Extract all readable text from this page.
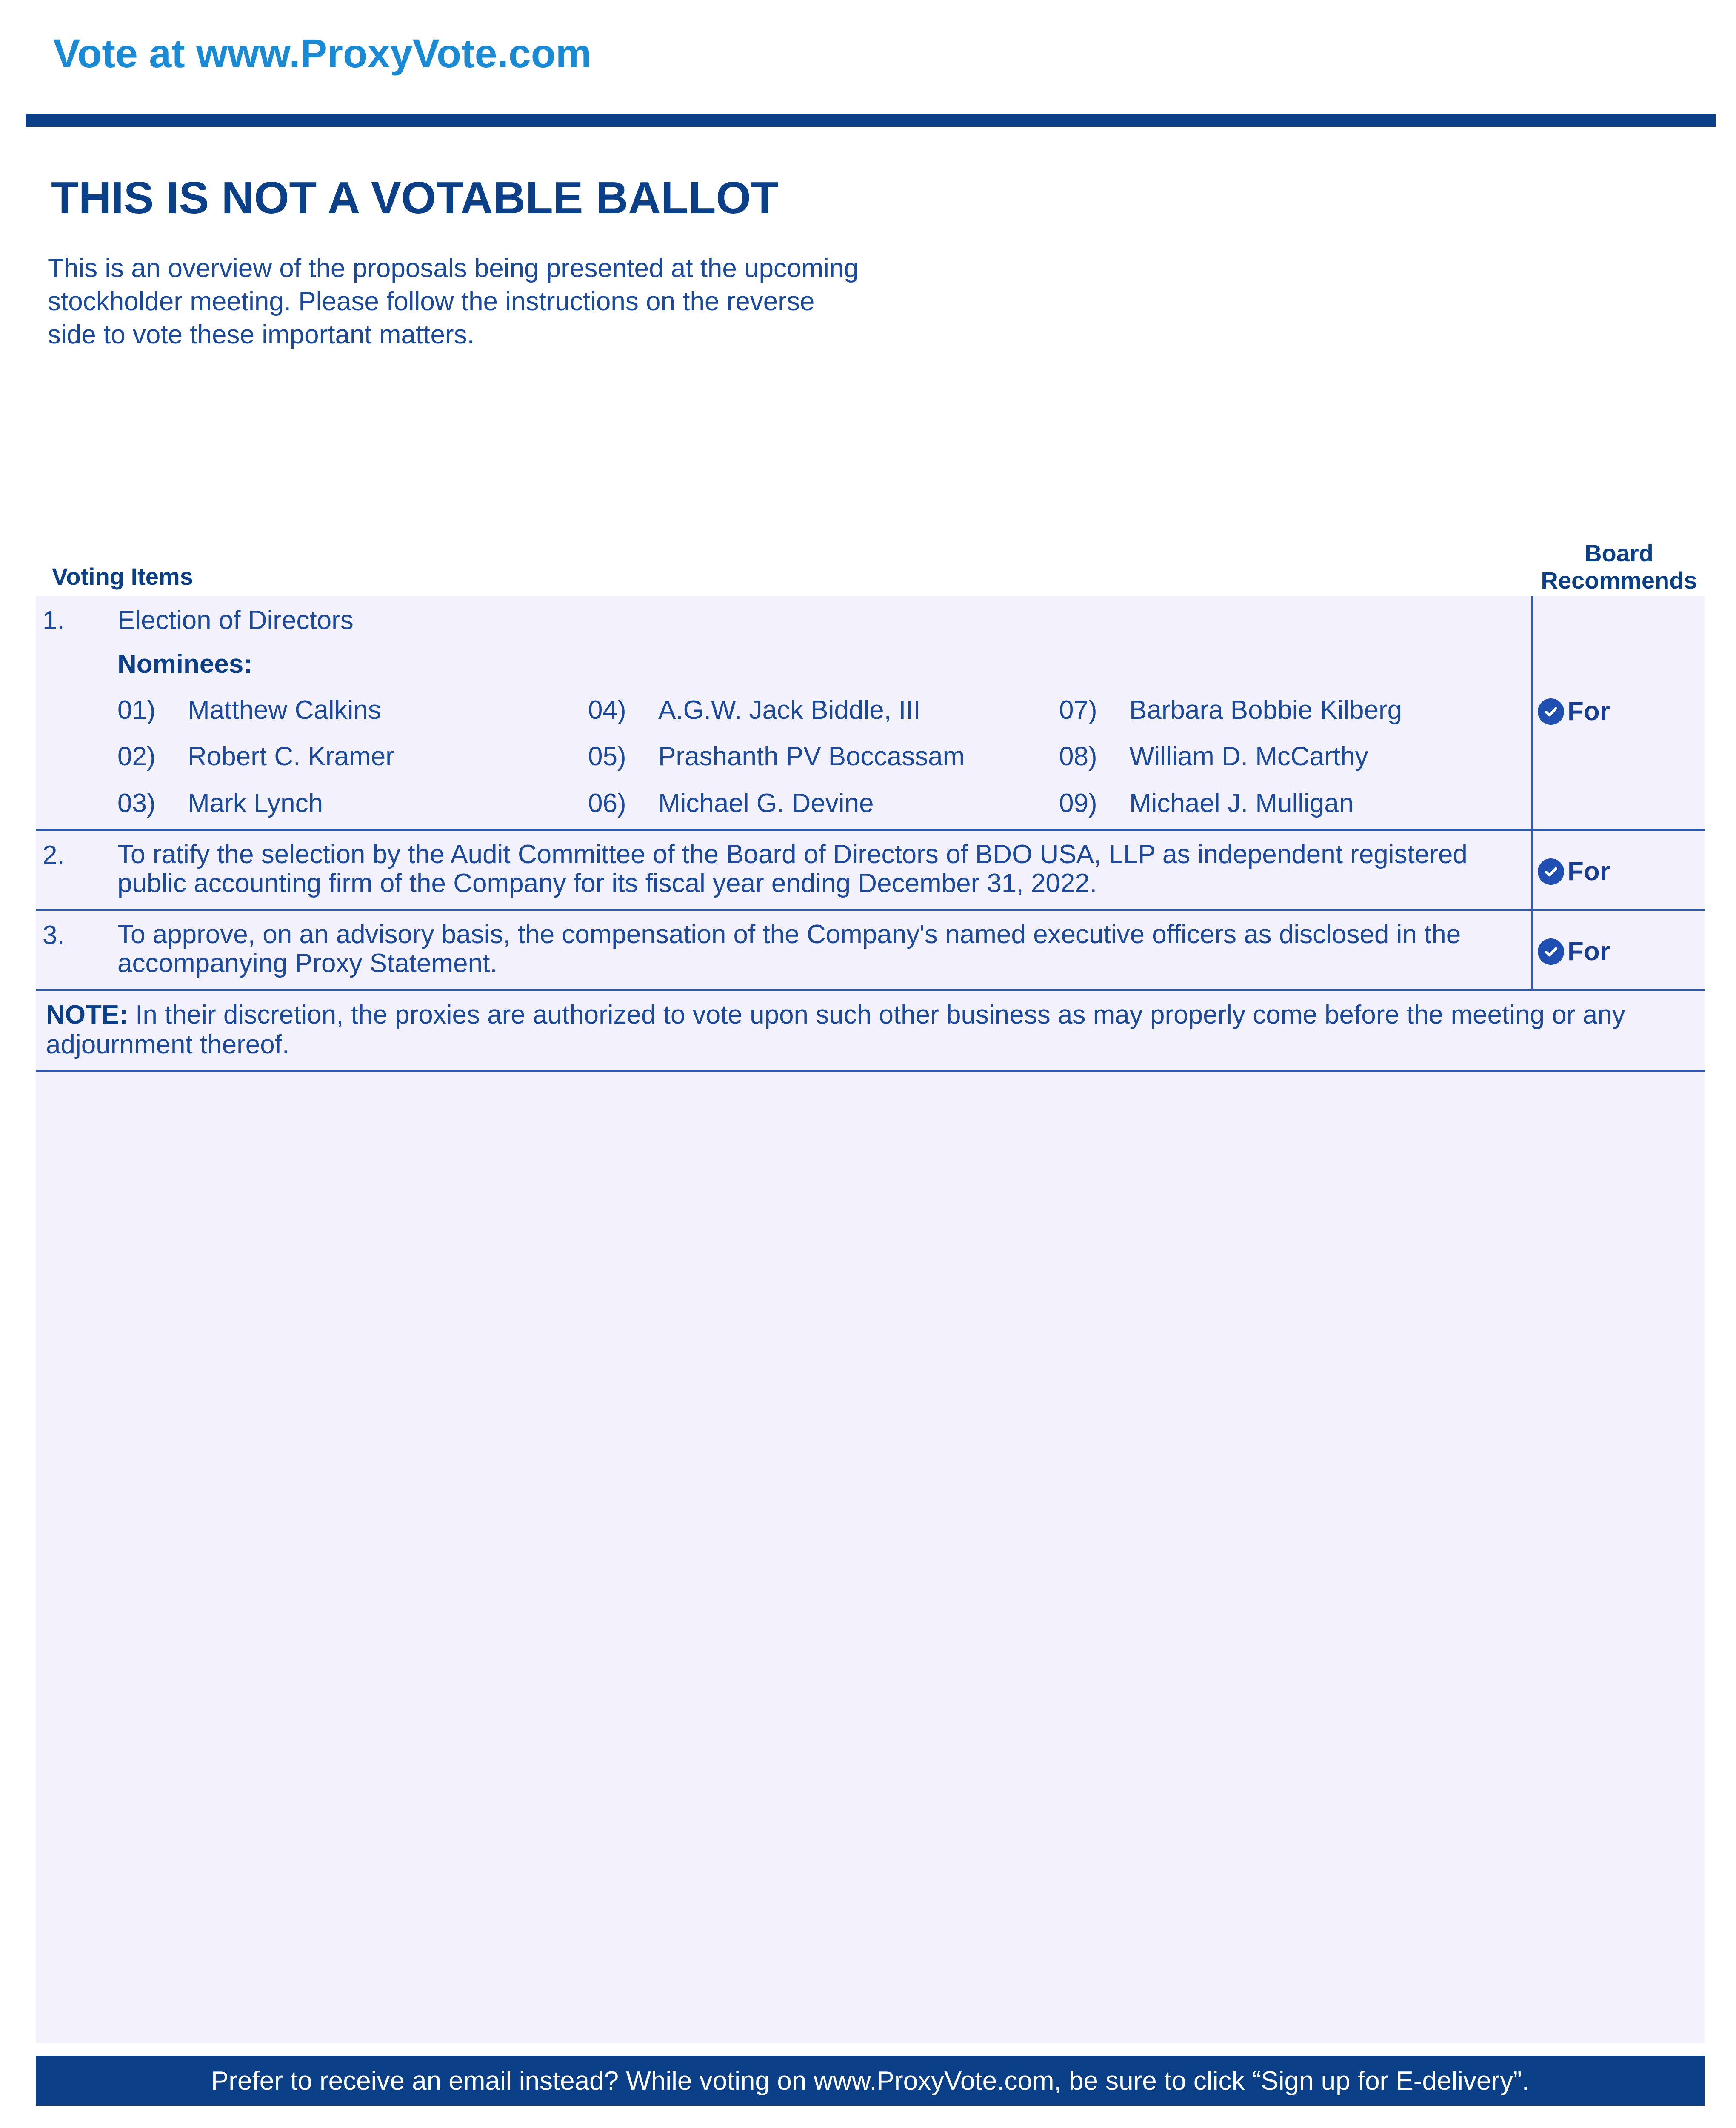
Vote at www.ProxyVote.com
THIS IS NOT A VOTABLE BALLOT
This is an overview of the proposals being presented at the upcoming stockholder meeting. Please follow the instructions on the reverse side to vote these important matters.
Voting Items
Board Recommends
1. Election of Directors
Nominees:
01) Matthew Calkins
02) Robert C. Kramer
03) Mark Lynch
04) A.G.W. Jack Biddle, III
05) Prashanth PV Boccassam
06) Michael G. Devine
07) Barbara Bobbie Kilberg
08) William D. McCarthy
09) Michael J. Mulligan
For
2. To ratify the selection by the Audit Committee of the Board of Directors of BDO USA, LLP as independent registered public accounting firm of the Company for its fiscal year ending December 31, 2022.	For
3. To approve, on an advisory basis, the compensation of the Company's named executive officers as disclosed in the accompanying Proxy Statement.	For
NOTE: In their discretion, the proxies are authorized to vote upon such other business as may properly come before the meeting or any adjournment thereof.
Prefer to receive an email instead? While voting on www.ProxyVote.com, be sure to click “Sign up for E-delivery”.
